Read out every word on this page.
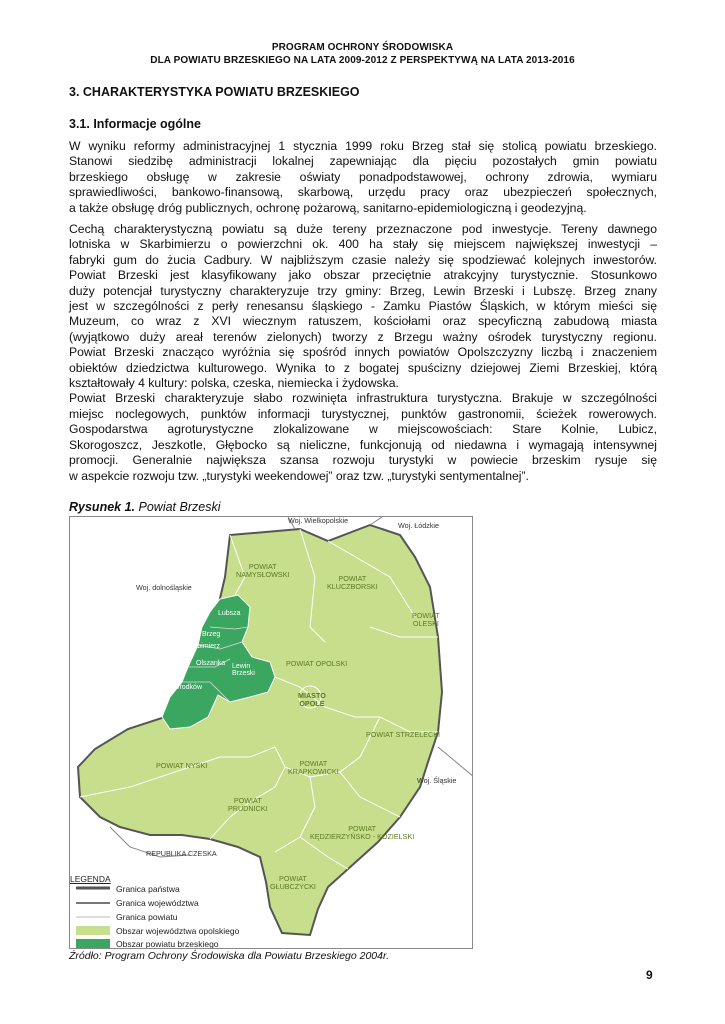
PROGRAM OCHRONY ŚRODOWISKA
DLA POWIATU BRZESKIEGO NA LATA 2009-2012 Z PERSPEKTYWĄ NA LATA 2013-2016
3. CHARAKTERYSTYKA POWIATU BRZESKIEGO
3.1. Informacje ogólne

W wyniku reformy administracyjnej 1 stycznia 1999 roku Brzeg stał się stolicą powiatu brzeskiego.

Stanowi siedzibę administracji lokalnej zapewniając dla pięciu pozostałych gmin powiatu

brzeskiego obsługę w zakresie oświaty ponadpodstawowej, ochrony zdrowia, wymiaru

sprawiedliwości, bankowo-finansową, skarbową, urzędu pracy oraz ubezpieczeń społecznych,

a także obsługę dróg publicznych, ochronę pożarową, sanitarno-epidemiologiczną i geodezyjną.

Cechą charakterystyczną powiatu są duże tereny przeznaczone pod inwestycje. Tereny dawnego

lotniska w Skarbimierzu o powierzchni ok. 400 ha stały się miejscem największej inwestycji –

fabryki gum do żucia Cadbury. W najbliższym czasie należy się spodziewać kolejnych inwestorów.

Powiat Brzeski jest klasyfikowany jako obszar przeciętnie atrakcyjny turystycznie. Stosunkowo

duży potencjał turystyczny charakteryzuje trzy gminy: Brzeg, Lewin Brzeski i Lubszę. Brzeg znany

jest w szczególności z perły renesansu śląskiego - Zamku Piastów Śląskich, w którym mieści się

Muzeum, co wraz z XVI wiecznym ratuszem, kościołami oraz specyficzną zabudową miasta

(wyjątkowo duży areał terenów zielonych) tworzy z Brzegu ważny ośrodek turystyczny regionu.

Powiat Brzeski znacząco wyróżnia się spośród innych powiatów Opolszczyzny liczbą i znaczeniem

obiektów dziedzictwa kulturowego. Wynika to z bogatej spuścizny dziejowej Ziemi Brzeskiej, którą

kształtowały 4 kultury: polska, czeska, niemiecka i żydowska.

Powiat Brzeski charakteryzuje słabo rozwinięta infrastruktura turystyczna. Brakuje w szczególności

miejsc noclegowych, punktów informacji turystycznej, punktów gastronomii, ścieżek rowerowych.

Gospodarstwa agroturystyczne zlokalizowane w miejscowościach: Stare Kolnie, Lubicz,

Skorogoszcz, Jeszkotle, Głębocko są nieliczne, funkcjonują od niedawna i wymagają intensywnej

promocji. Generalnie największa szansa rozwoju turystyki w powiecie brzeskim rysuje się

w aspekcie rozwoju tzw. „turystyki weekendowej” oraz tzw. „turystyki sentymentalnej”.

Rysunek 1. Powiat Brzeski
Woj. Wielkopolskie
Woj. Łódzkie
Woj. dolnośląskie
Woj. Śląskie
REPUBLIKA CZESKA
POWIAT
NAMYSŁOWSKI	POWIAT
KLUCZBORSKI
POWIAT
OLESKI
POWIAT OPOLSKI
MIASTO
OPOLE
POWIAT STRZELECKI
POWIAT NYSKI	POWIAT
KRAPKOWICKI
POWIAT
PRUDNICKI
POWIAT
KĘDZIERZYŃSKO - KOZIELSKI
POWIAT
GŁUBCZYCKI
Lubsza
Brzeg
Skarbimierz
Olszanka Lewin
Brzeski
Grodków
LEGENDA
Granica państwa
Granica województwa
Granica powiatu
Obszar województwa opolskiego
Obszar powiatu brzeskiego
Źródło: Program Ochrony Środowiska dla Powiatu Brzeskiego 2004r.
9
